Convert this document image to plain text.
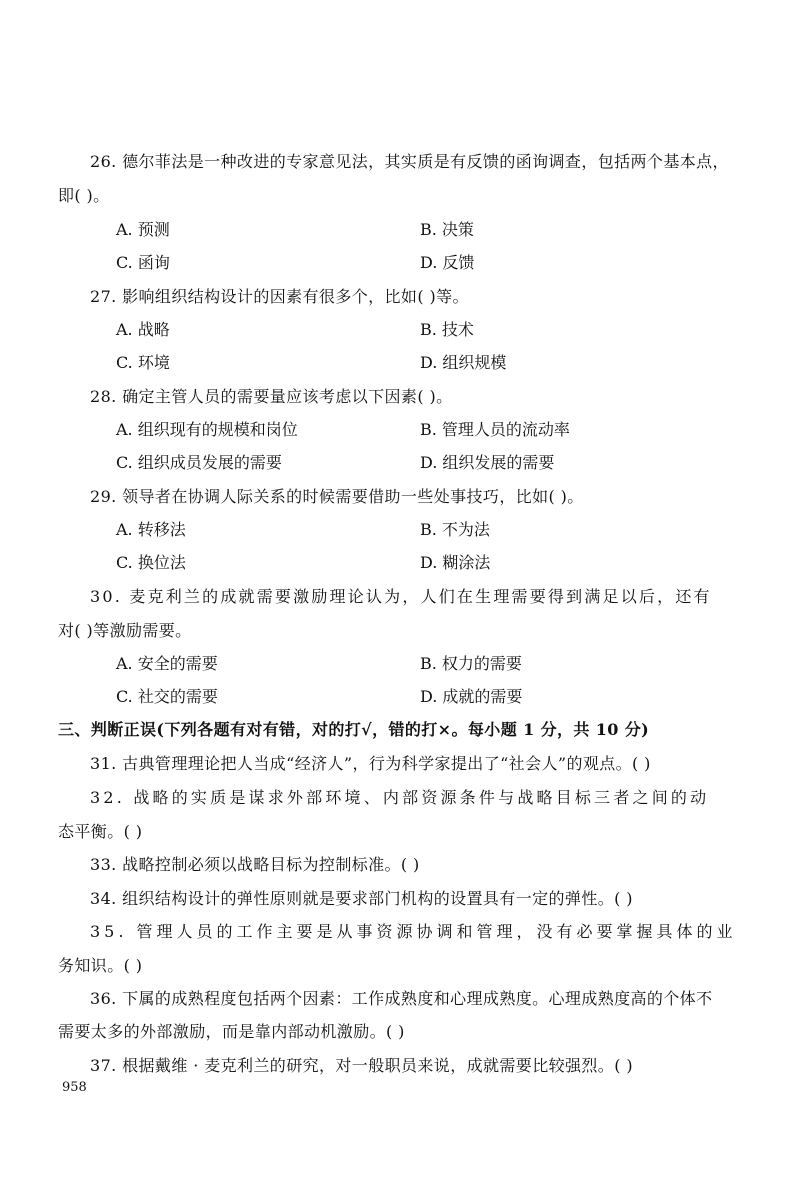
26. 德尔菲法是一种改进的专家意见法，其实质是有反馈的函询调查，包括两个基本点，
即( )。
A. 预测	B. 决策
C. 函询	D. 反馈
27. 影响组织结构设计的因素有很多个，比如( )等。
A. 战略	B. 技术
C. 环境	D. 组织规模
28. 确定主管人员的需要量应该考虑以下因素( )。
A. 组织现有的规模和岗位	B. 管理人员的流动率
C. 组织成员发展的需要	D. 组织发展的需要
29. 领导者在协调人际关系的时候需要借助一些处事技巧，比如( )。
A. 转移法	B. 不为法
C. 换位法	D. 糊涂法
30. 麦克利兰的成就需要激励理论认为，人们在生理需要得到满足以后，还有
对( )等激励需要。
A. 安全的需要	B. 权力的需要
C. 社交的需要	D. 成就的需要
三、判断正误(下列各题有对有错，对的打√，错的打×。每小题 1 分，共 10 分)
31. 古典管理理论把人当成“经济人”，行为科学家提出了“社会人”的观点。( )
32. 战略的实质是谋求外部环境、内部资源条件与战略目标三者之间的动
态平衡。( )
33. 战略控制必须以战略目标为控制标准。( )
34. 组织结构设计的弹性原则就是要求部门机构的设置具有一定的弹性。( )
35. 管理人员的工作主要是从事资源协调和管理，没有必要掌握具体的业
务知识。( )
36. 下属的成熟程度包括两个因素：工作成熟度和心理成熟度。心理成熟度高的个体不
需要太多的外部激励，而是靠内部动机激励。( )
37. 根据戴维 · 麦克利兰的研究，对一般职员来说，成就需要比较强烈。( )
958
